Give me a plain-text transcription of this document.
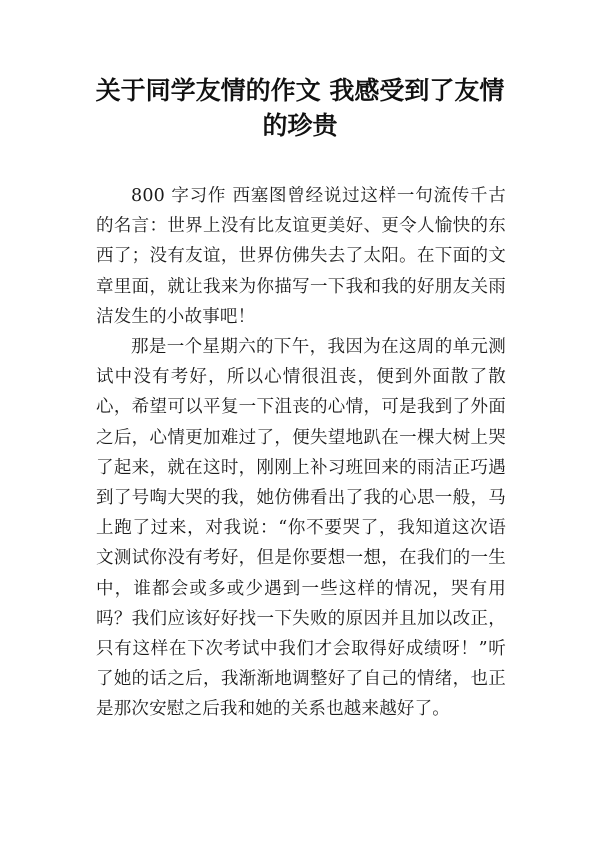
关于同学友情的作文 我感受到了友情
的珍贵

800 字习作 西塞图曾经说过这样一句流传千古的名言：世界上没有比友谊更美好、更令人愉快的东西了；没有友谊，世界仿佛失去了太阳。在下面的文章里面，就让我来为你描写一下我和我的好朋友关雨洁发生的小故事吧！

那是一个星期六的下午，我因为在这周的单元测试中没有考好，所以心情很沮丧，便到外面散了散心，希望可以平复一下沮丧的心情，可是我到了外面之后，心情更加难过了，便失望地趴在一棵大树上哭了起来，就在这时，刚刚上补习班回来的雨洁正巧遇到了号啕大哭的我，她仿佛看出了我的心思一般，马上跑了过来，对我说：“你不要哭了，我知道这次语文测试你没有考好，但是你要想一想，在我们的一生中，谁都会或多或少遇到一些这样的情况，哭有用吗？我们应该好好找一下失败的原因并且加以改正，只有这样在下次考试中我们才会取得好成绩呀！”听了她的话之后，我渐渐地调整好了自己的情绪，也正是那次安慰之后我和她的关系也越来越好了。
